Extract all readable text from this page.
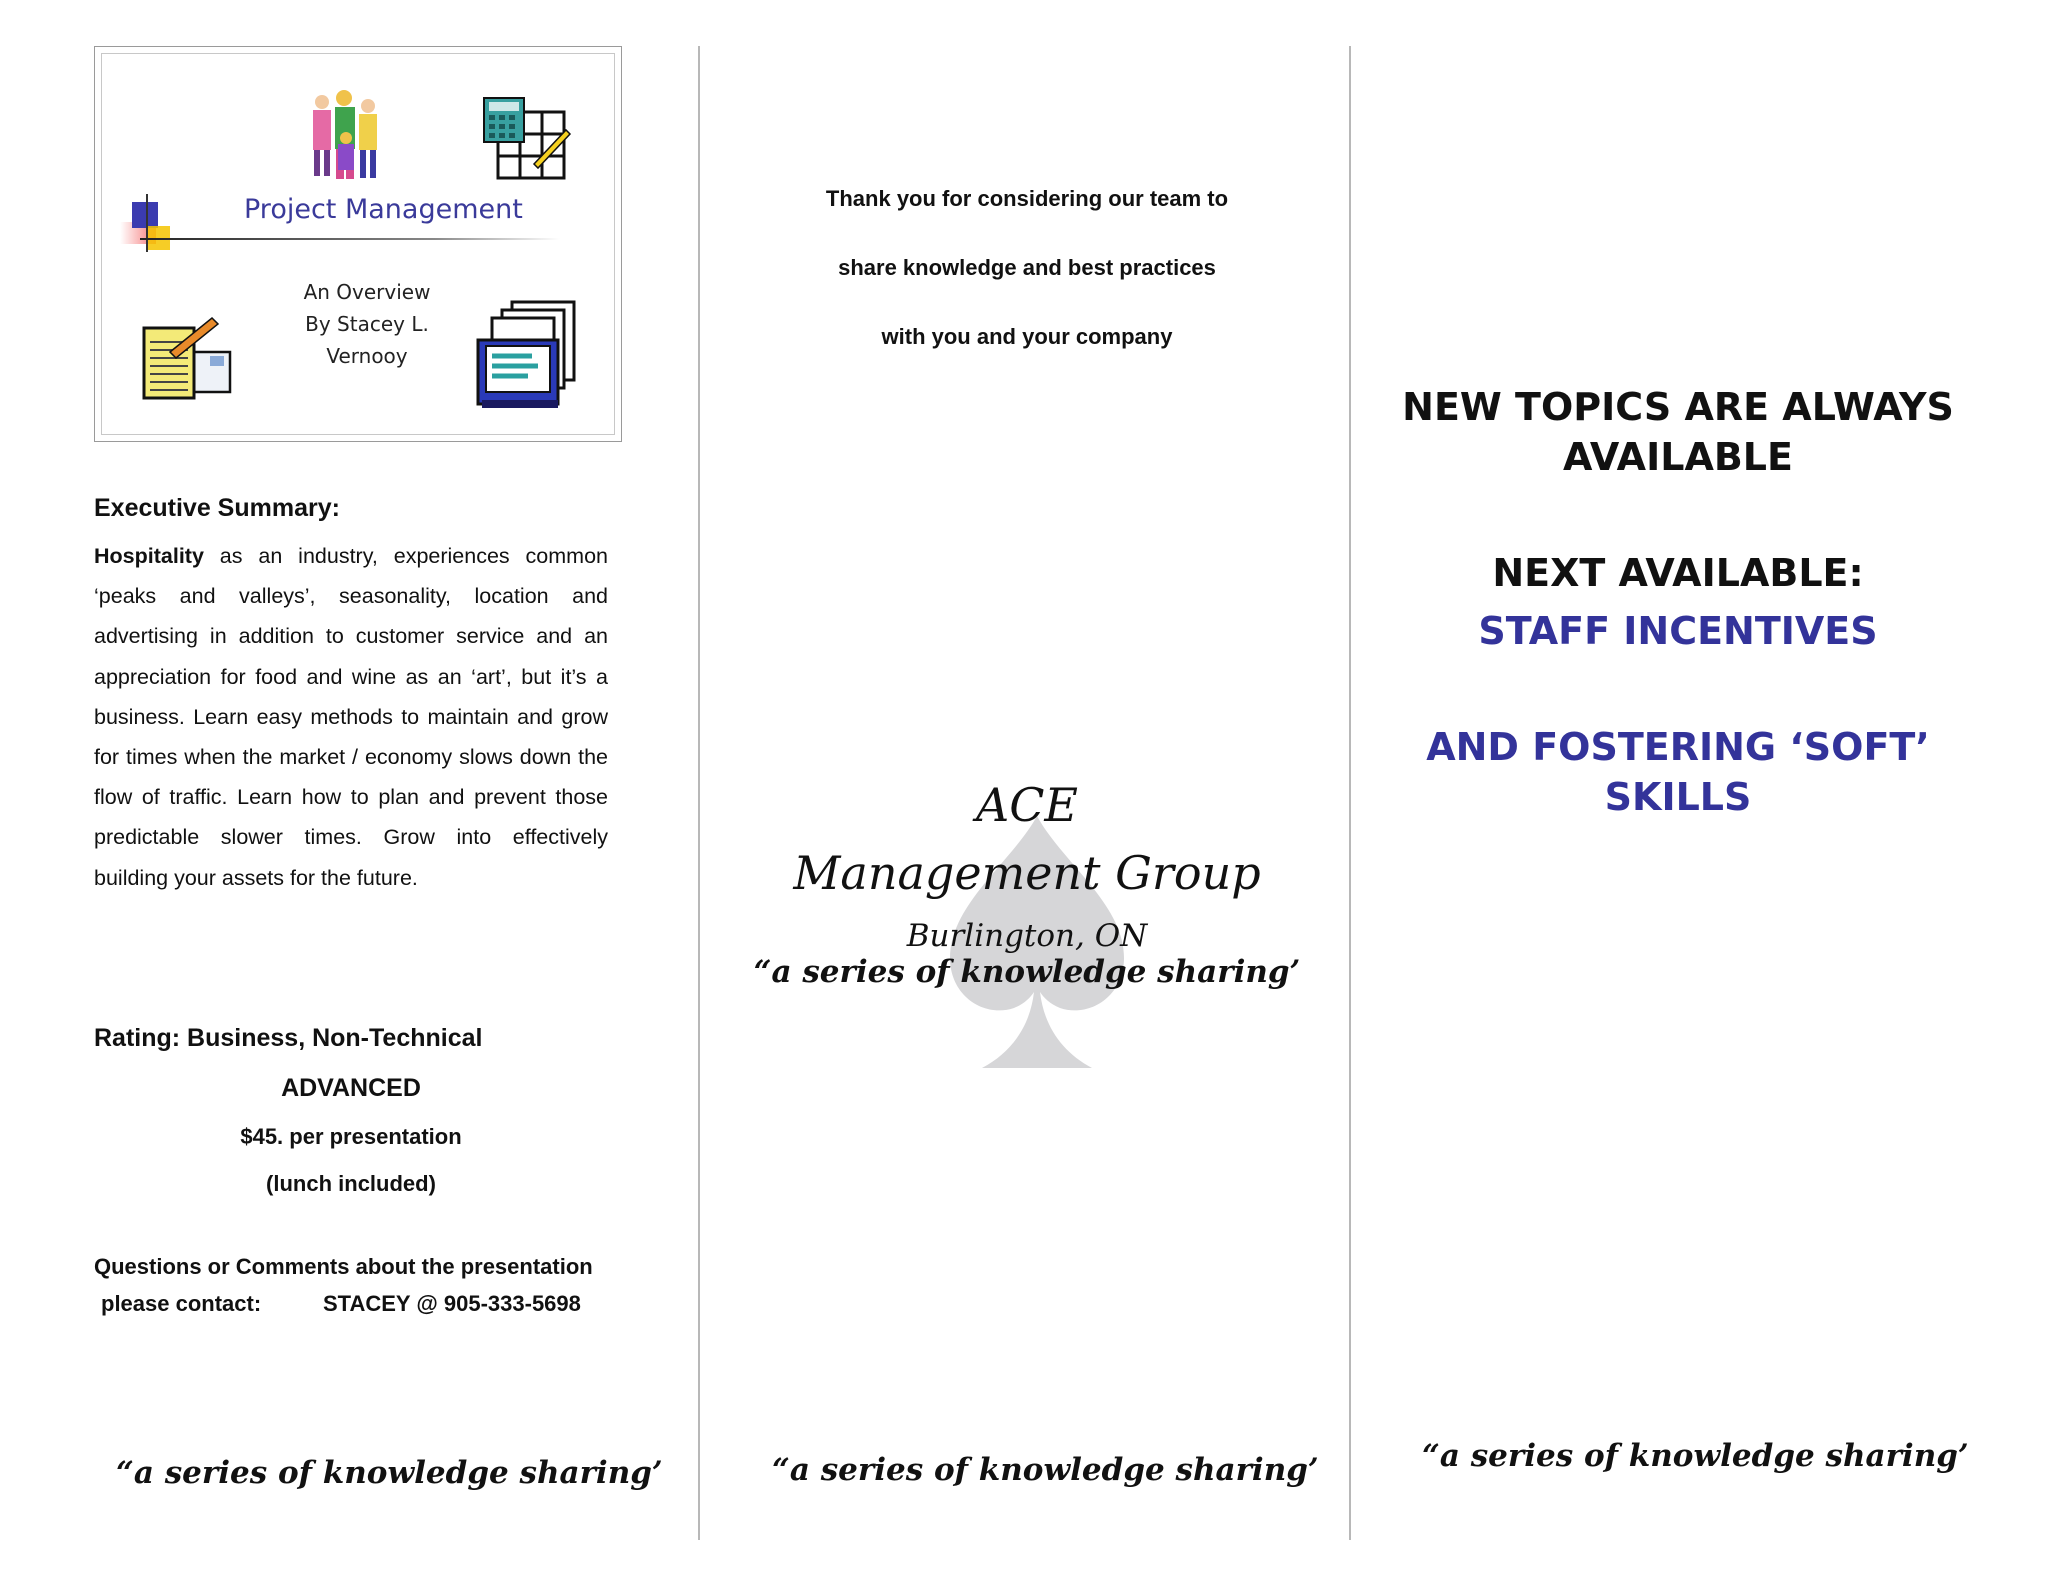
Project Management
An Overview
By Stacey L. Vernooy
Executive Summary:
Hospitality as an industry, experiences common ‘peaks and valleys’, seasonality, location and advertising in addition to customer service and an appreciation for food and wine as an ‘art’, but it’s a business. Learn easy methods to maintain and grow for times when the market / economy slows down the flow of traffic. Learn how to plan and prevent those predictable slower times. Grow into effectively building your assets for the future.
Rating: Business, Non-Technical
ADVANCED
$45. per presentation
(lunch included)
Questions or Comments about the presentation
please contact:	STACEY @ 905-333-5698
“a series of knowledge sharing’
Thank you for considering our team to
share knowledge and best practices
with you and your company
ACE
Management Group
Burlington, ON
“a series of knowledge sharing’
“a series of knowledge sharing’
NEW TOPICS ARE ALWAYS
AVAILABLE
NEXT AVAILABLE:
STAFF INCENTIVES
AND FOSTERING ‘SOFT’
SKILLS
“a series of knowledge sharing’
